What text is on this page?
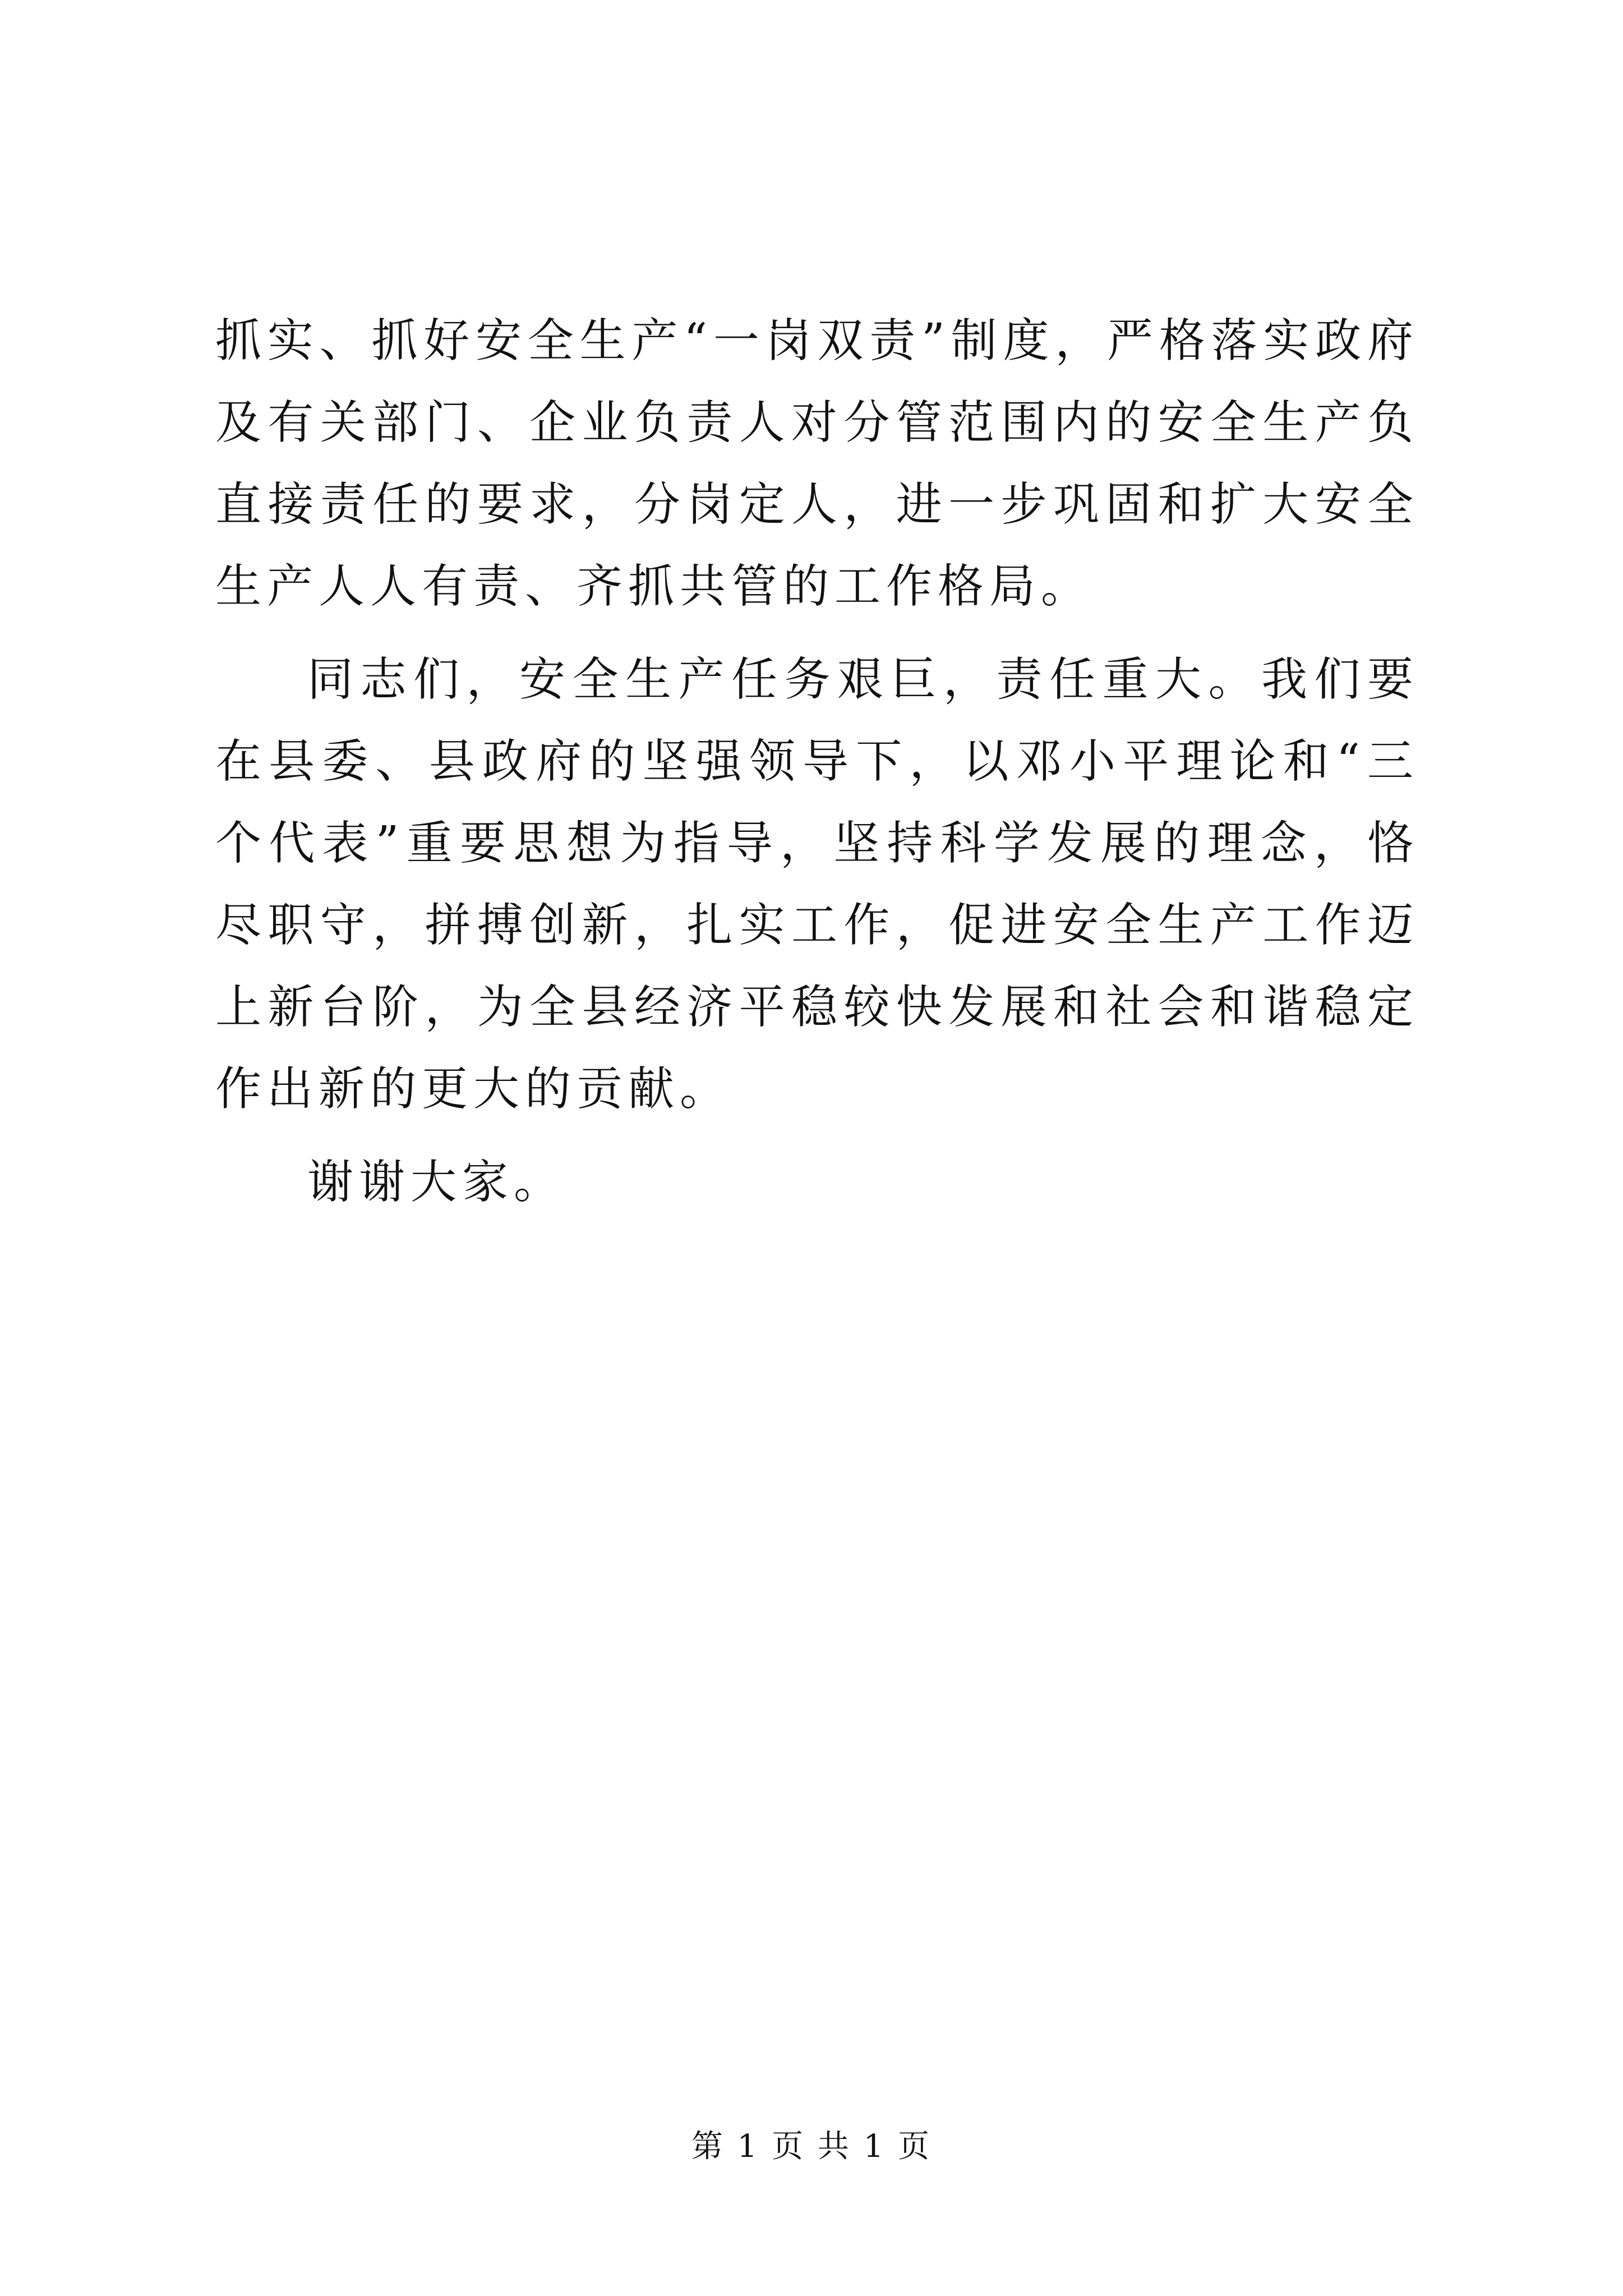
抓实、抓好安全生产“一岗双责”制度，严格落实政府及有关部门、企业负责人对分管范围内的安全生产负直接责任的要求，分岗定人，进一步巩固和扩大安全生产人人有责、齐抓共管的工作格局。

同志们，安全生产任务艰巨，责任重大。我们要在县委、县政府的坚强领导下，以邓小平理论和“三个代表”重要思想为指导，坚持科学发展的理念，恪尽职守，拼搏创新，扎实工作，促进安全生产工作迈上新台阶，为全县经济平稳较快发展和社会和谐稳定作出新的更大的贡献。

谢谢大家。

第 1 页 共 1 页
